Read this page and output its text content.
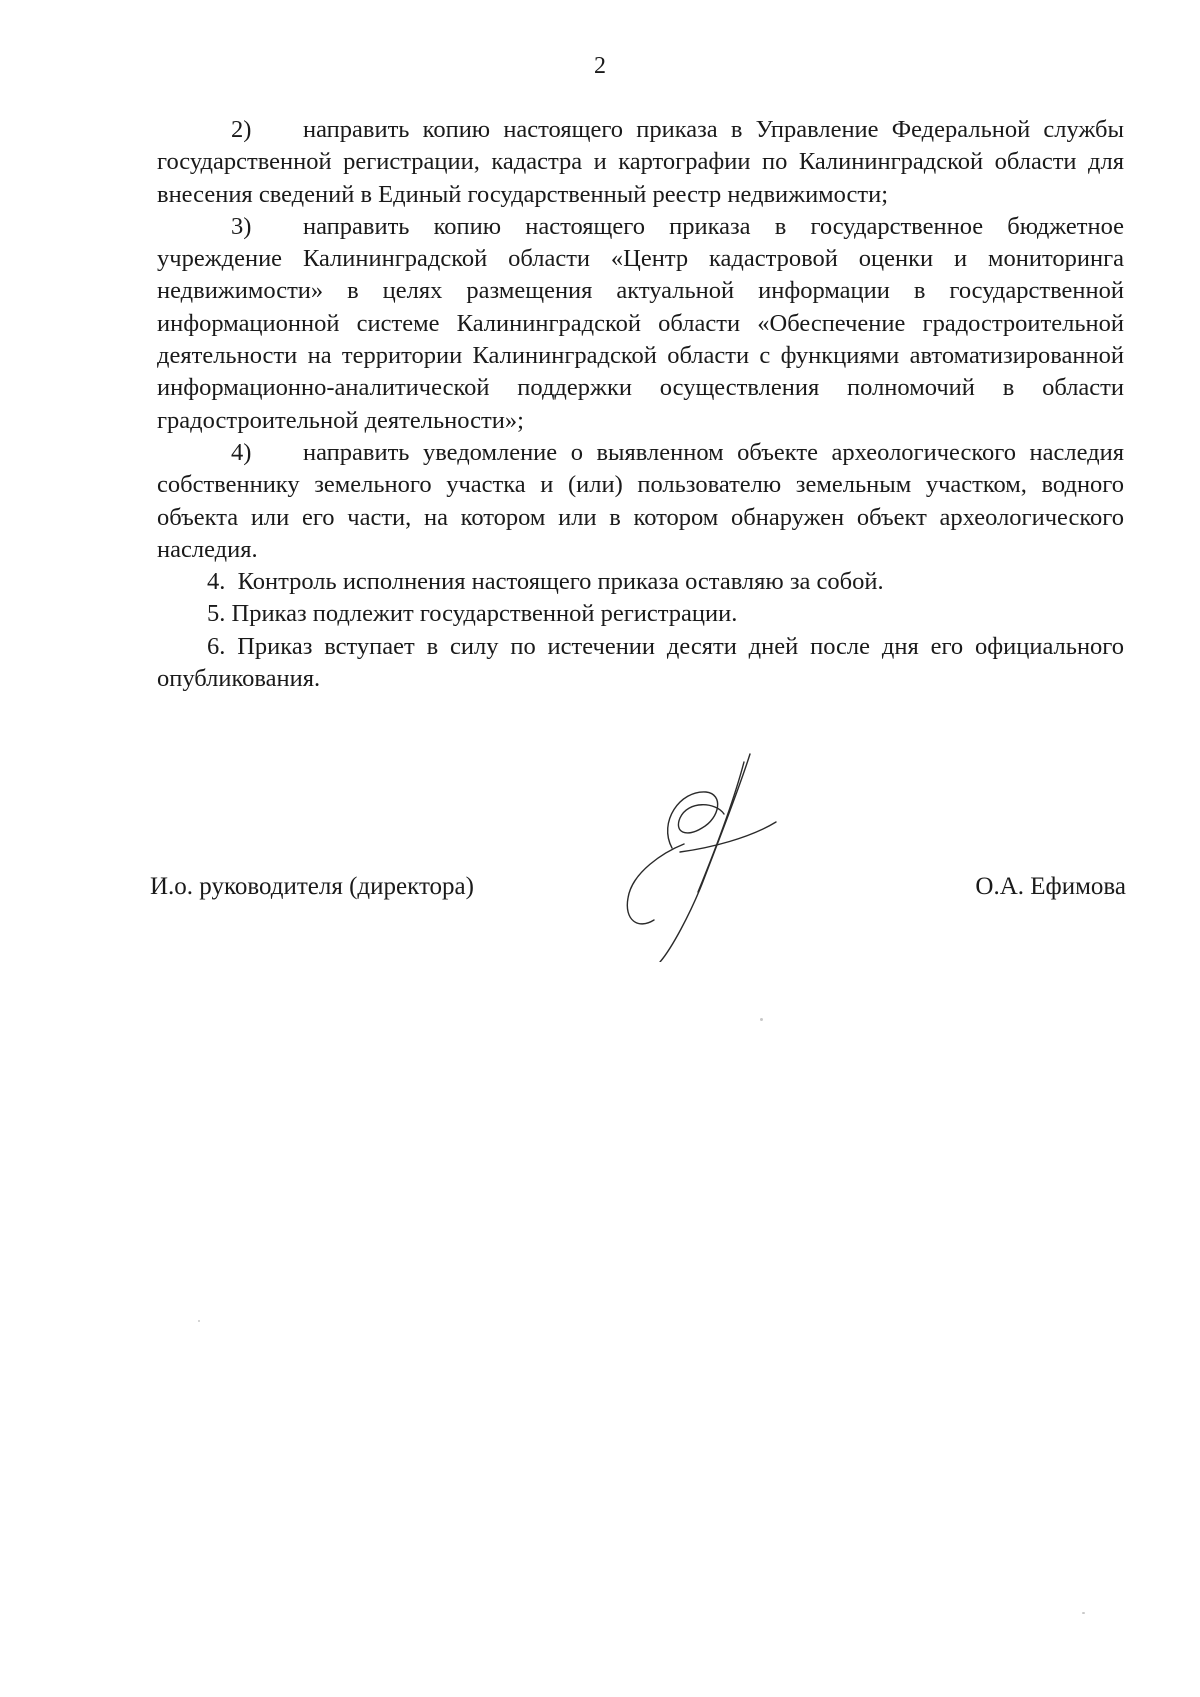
2

2) направить копию настоящего приказа в Управление Федеральной службы государственной регистрации, кадастра и картографии по Калининградской области для внесения сведений в Единый государственный реестр недвижимости;

3) направить копию настоящего приказа в государственное бюджетное учреждение Калининградской области «Центр кадастровой оценки и мониторинга недвижимости» в целях размещения актуальной информации в государственной информационной системе Калининградской области «Обеспечение градостроительной деятельности на территории Калининградской области с функциями автоматизированной информационно-аналитической поддержки осуществления полномочий в области градостроительной деятельности»;

4) направить уведомление о выявленном объекте археологического наследия собственнику земельного участка и (или) пользователю земельным участком, водного объекта или его части, на котором или в котором обнаружен объект археологического наследия.

4. Контроль исполнения настоящего приказа оставляю за собой.

5. Приказ подлежит государственной регистрации.

6. Приказ вступает в силу по истечении десяти дней после дня его официального опубликования.

И.о. руководителя (директора)	О.А. Ефимова
